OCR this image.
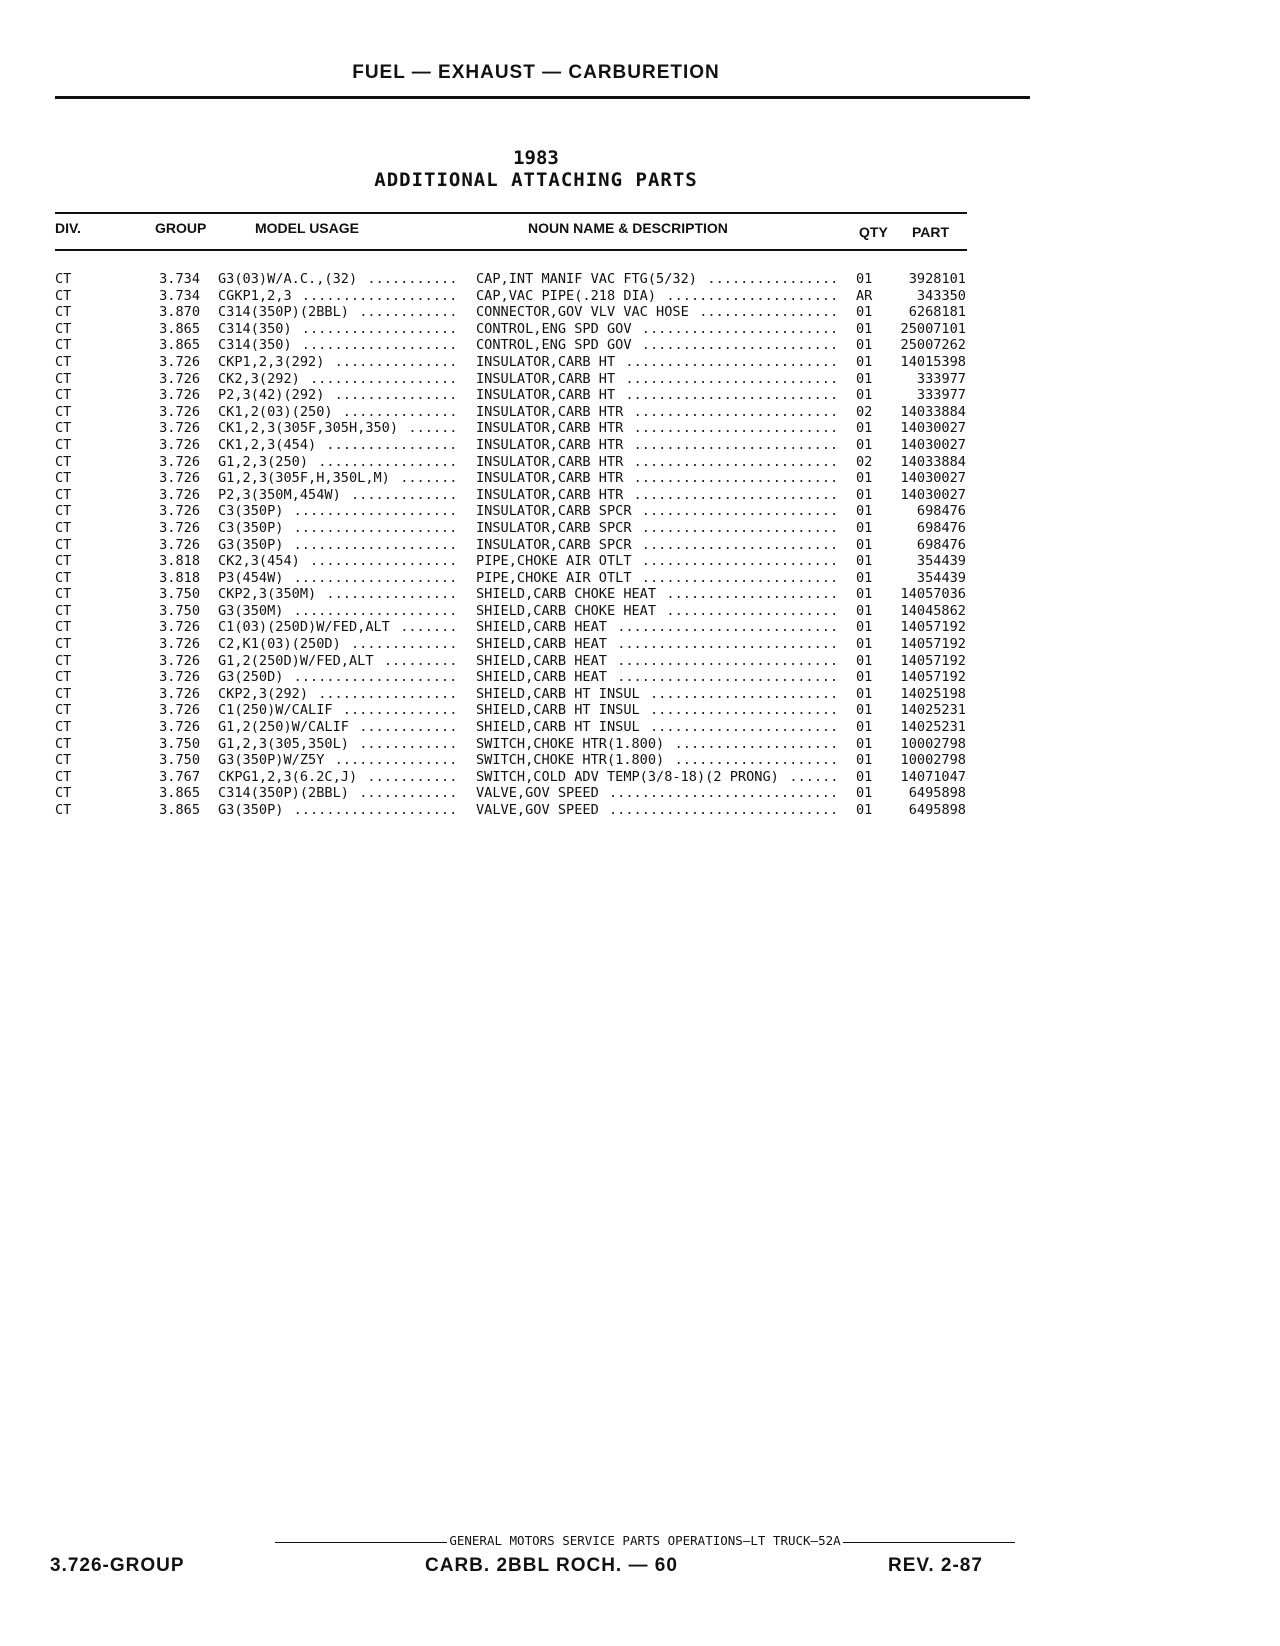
FUEL — EXHAUST — CARBURETION
1983
ADDITIONAL ATTACHING PARTS
DIV.	GROUP	MODEL USAGE	NOUN NAME & DESCRIPTION	QTY PART
CT	3.734 G3(03)W/A.C.,(32)	CAP,INT MANIF VAC FTG(5/32)	01	3928101
...........	................
CT	3.734 CGKP1,2,3	CAP,VAC PIPE(.218 DIA)	AR	343350
...................	.....................
CT	3.870 C314(350P)(2BBL)	CONNECTOR,GOV VLV VAC HOSE	01	6268181
............	.................
CT	3.865 C314(350)	CONTROL,ENG SPD GOV	01	25007101
...................	........................
CT	3.865 C314(350)	CONTROL,ENG SPD GOV	01	25007262
...................	........................
CT	3.726 CKP1,2,3(292)	INSULATOR,CARB HT	01	14015398
...............	..........................
CT	3.726 CK2,3(292)	INSULATOR,CARB HT	01	333977
..................	..........................
CT	3.726 P2,3(42)(292)	INSULATOR,CARB HT	01	333977
...............	..........................
CT	3.726 CK1,2(03)(250)	INSULATOR,CARB HTR	02	14033884
..............	.........................
CT	3.726 CK1,2,3(305F,305H,350)	INSULATOR,CARB HTR	01	14030027
......	.........................
CT	3.726 CK1,2,3(454)	INSULATOR,CARB HTR	01	14030027
................	.........................
CT	3.726 G1,2,3(250)	INSULATOR,CARB HTR	02	14033884
.................	.........................
CT	3.726 G1,2,3(305F,H,350L,M)	INSULATOR,CARB HTR	01	14030027
.......	.........................
CT	3.726 P2,3(350M,454W)	INSULATOR,CARB HTR	01	14030027
.............	.........................
CT	3.726 C3(350P)	INSULATOR,CARB SPCR	01	698476
....................	........................
CT	3.726 C3(350P)	INSULATOR,CARB SPCR	01	698476
....................	........................
CT	3.726 G3(350P)	INSULATOR,CARB SPCR	01	698476
....................	........................
CT	3.818 CK2,3(454)	PIPE,CHOKE AIR OTLT	01	354439
..................	........................
CT	3.818 P3(454W)	PIPE,CHOKE AIR OTLT	01	354439
....................	........................
CT	3.750 CKP2,3(350M)	SHIELD,CARB CHOKE HEAT	01	14057036
................	.....................
CT	3.750 G3(350M)	SHIELD,CARB CHOKE HEAT	01	14045862
....................	.....................
CT	3.726 C1(03)(250D)W/FED,ALT	SHIELD,CARB HEAT	01	14057192
.......	...........................
CT	3.726 C2,K1(03)(250D)	SHIELD,CARB HEAT	01	14057192
.............	...........................
CT	3.726 G1,2(250D)W/FED,ALT	SHIELD,CARB HEAT	01	14057192
.........	...........................
CT	3.726 G3(250D)	SHIELD,CARB HEAT	01	14057192
....................	...........................
CT	3.726 CKP2,3(292)	SHIELD,CARB HT INSUL	01	14025198
.................	.......................
CT	3.726 C1(250)W/CALIF	SHIELD,CARB HT INSUL	01	14025231
..............	.......................
CT	3.726 G1,2(250)W/CALIF	SHIELD,CARB HT INSUL	01	14025231
............	.......................
CT	3.750 G1,2,3(305,350L)	SWITCH,CHOKE HTR(1.800)	01	10002798
............	....................
CT	3.750 G3(350P)W/Z5Y	SWITCH,CHOKE HTR(1.800)	01	10002798
...............	....................
CT	3.767 CKPG1,2,3(6.2C,J)	SWITCH,COLD ADV TEMP(3/8-18)(2 PRONG)	01	14071047
...........	......
CT	3.865 C314(350P)(2BBL)	VALVE,GOV SPEED	01	6495898
............	............................
CT	3.865 G3(350P)	VALVE,GOV SPEED	01	6495898
....................	............................
GENERAL MOTORS SERVICE PARTS OPERATIONS—LT TRUCK—52A
3.726-GROUP	CARB. 2BBL ROCH. — 60	REV. 2-87
